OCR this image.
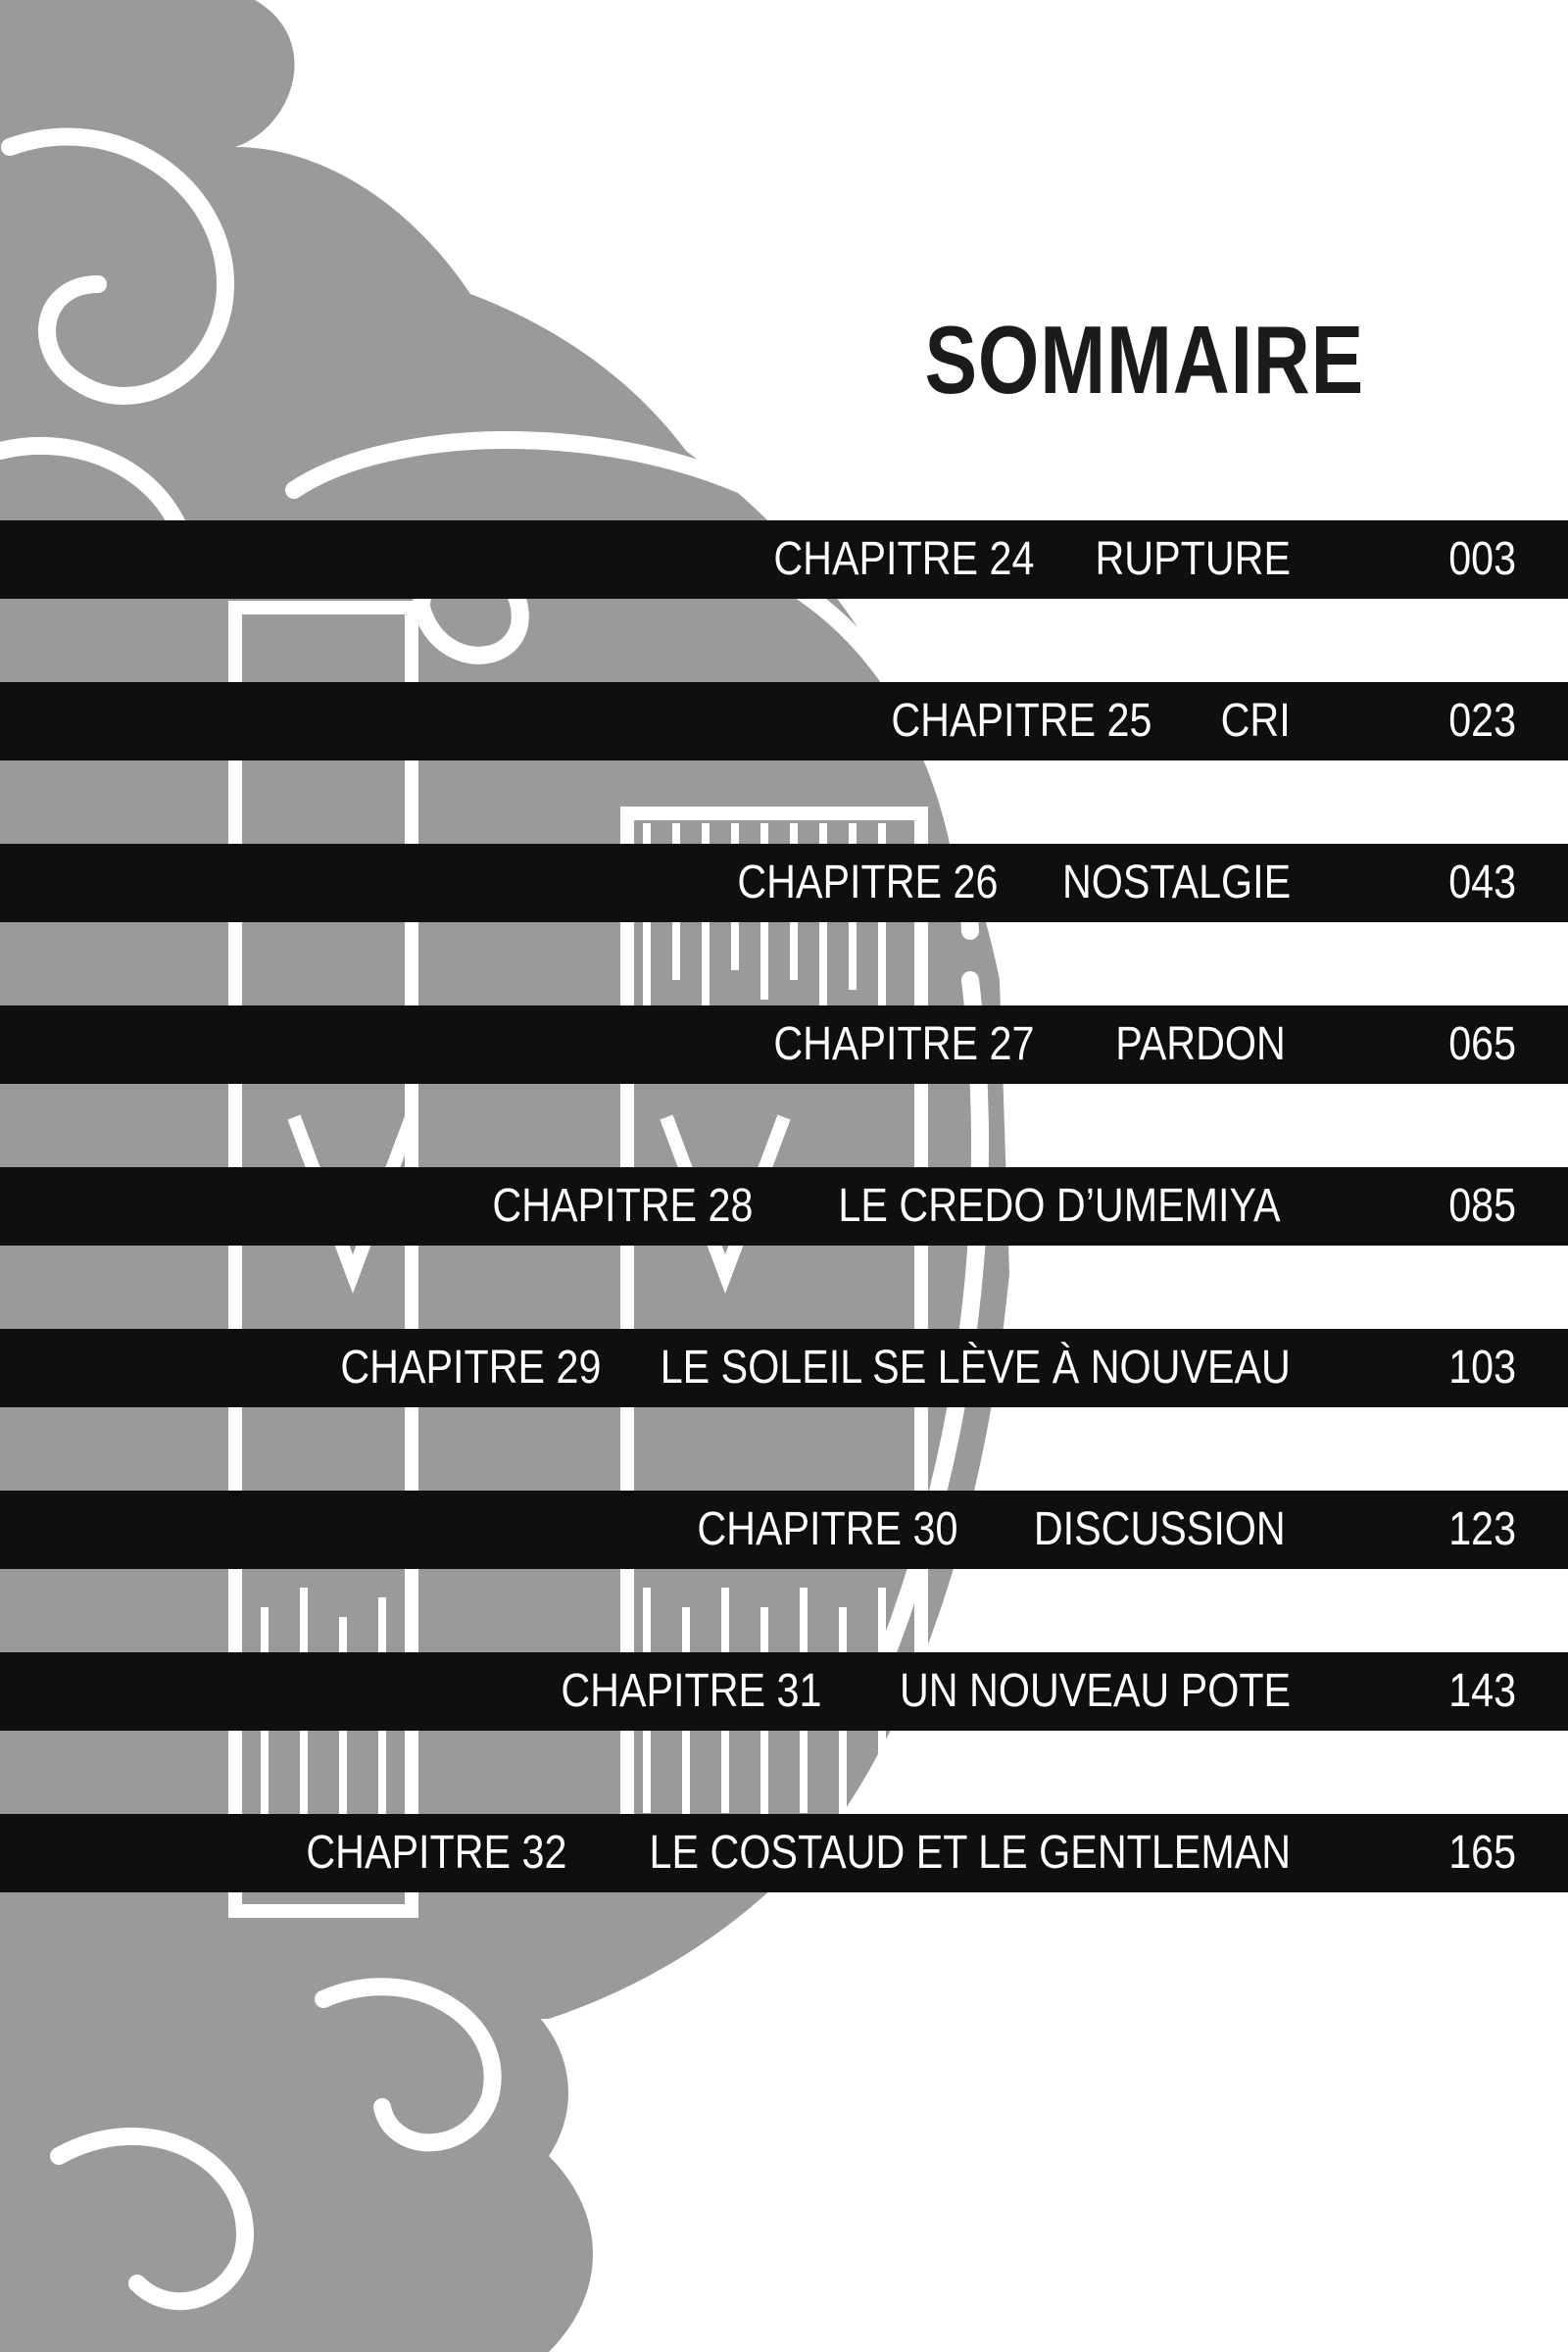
SOMMAIRE
CHAPITRE 24 RUPTURE	003
CHAPITRE 25 CRI	023
CHAPITRE 26 NOSTALGIE	043
CHAPITRE 27 PARDON	065
CHAPITRE 28 LE CREDO D’UMEMIYA	085
CHAPITRE 29 LE SOLEIL SE LÈVE À NOUVEAU	103
CHAPITRE 30 DISCUSSION	123
CHAPITRE 31 UN NOUVEAU POTE	143
CHAPITRE 32 LE COSTAUD ET LE GENTLEMAN	165
